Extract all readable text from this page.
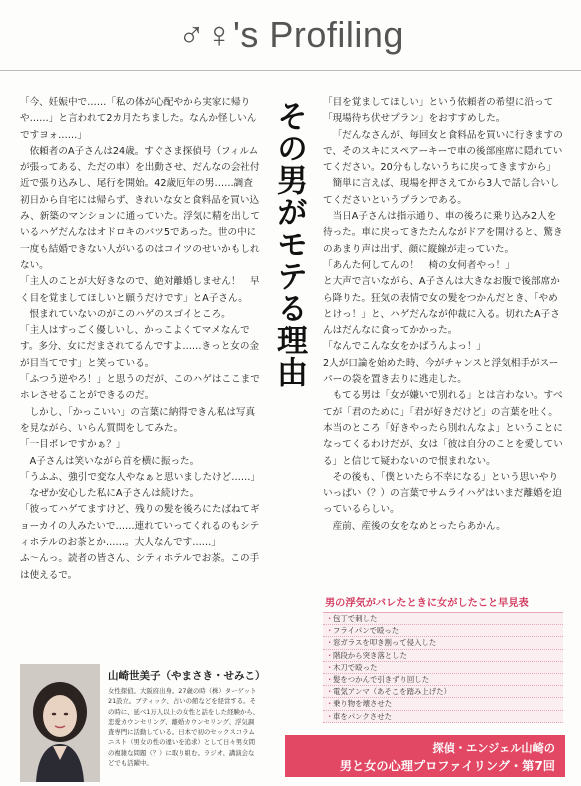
♂♀'s Profiling

「今、妊娠中で……「私の体が心配やから実家に帰りや……」と言われて2カ月たちました。なんか怪しいんですヨォ……」

依頼者のA子さんは24歳。すぐさま探偵号（フィルムが張ってある、ただの車）を出動させ、だんなの会社付近で張り込みし、尾行を開始。42歳厄年の男……調査初日から自宅には帰らず、きれいな女と食料品を買い込み、新築のマンションに通っていた。浮気に精を出しているハゲだんなはオドロキのバツ5であった。世の中に一度も結婚できない人がいるのはコイツのせいかもしれない。

「主人のことが大好きなので、絶対離婚しません！　早く目を覚ましてほしいと願うだけです」とA子さん。

恨まれていないのがこのハゲのスゴイところ。

「主人はすっごく優しいし、かっこよくてマメなんです。多分、女にだまされてるんですよ……きっと女の金が目当てです」と笑っている。

「ふつう逆やろ！」と思うのだが、このハゲはここまでホレさせることができるのだ。

しかし、「かっこいい」の言葉に納得できん私は写真を見ながら、いらん質問をしてみた。

「一目ボレですかぁ？」

A子さんは笑いながら首を横に振った。

「うふふ、強引で変な人やなぁと思いましたけど……」

なぜか安心した私にA子さんは続けた。

「彼ってハゲてますけど、残りの髪を後ろにたばねてギョーカイの人みたいで……連れていってくれるのもシティホテルのお茶とか……。大人なんです……」

ふ～んっ。読者の皆さん、シティホテルでお茶。この手は使えるで。

その男がモテる理由	「目を覚ましてほしい」という依頼者の希望に沿って「現場待ち伏せプラン」をおすすめした。

「だんなさんが、毎回女と食料品を買いに行きますので、そのスキにスペアーキーで車の後部座席に隠れていてください。20分もしないうちに戻ってきますから」

簡単に言えば、現場を押さえてから3人で話し合いしてくださいというプランである。

当日A子さんは指示通り、車の後ろに乗り込み2人を待った。車に戻ってきたたんながドアを開けると、驚きのあまり声は出ず、顔に縦線が走っていた。

「あんた何してんの！　椅の女何者やっ！」

と大声で言いながら、A子さんは大きなお腹で後部席から降りた。狂気の表情で女の髪をつかんだとき、「やめとけっ！」と、ハゲだんなが仲裁に入る。切れたA子さんはだんなに食ってかかった。

「なんでこんな女をかばうんよっ！」

2人が口論を始めた時、今がチャンスと浮気相手がスーパーの袋を置き去りに逃走した。

もてる男は「女が嫌いで別れる」とは言わない。すべてが「君のために」「君が好きだけど」の言葉を吐く。本当のところ「好きやったら別れんなよ」ということになってくるわけだが、女は「彼は自分のことを愛している」と信じて疑わないので恨まれない。

その後も、「僕といたら不幸になる」という思いやりいっぱい（？）の言葉でサムライハゲはいまだ離婚を迫っているらしい。

産前、産後の女をなめとったらあかん。

山崎世美子（やまさき・せみこ）
女性探偵。大阪府出身。27歳の時（株）ターゲット21設立。ブティック、占いの館などを経営する。その時に、延べ1万人以上の女性と話をした経験から、恋愛カウンセリング、離婚カウンセリング、浮気調査専門に活動している。日本で初のセックスコラムニスト（男女の性の違いを追求）として日々男女間の複雑な問題（？）に取り組む。ラジオ、講演会などでも活躍中。
男の浮気がバレたときに女がしたこと早見表
・ 包丁で刺した
・ フライパンで殴った
・ 窓ガラスを叩き割って侵入した
・ 階段から突き落とした
・ 木刀で殴った
・ 髪をつかんで引きずり回した
・ 電気アンマ（あそこを踏み上げた）
・ 乗り物を壊させた
・ 車をパンクさせた
探偵・エンジェル山崎の
男と女の心理プロファイリング・第7回
